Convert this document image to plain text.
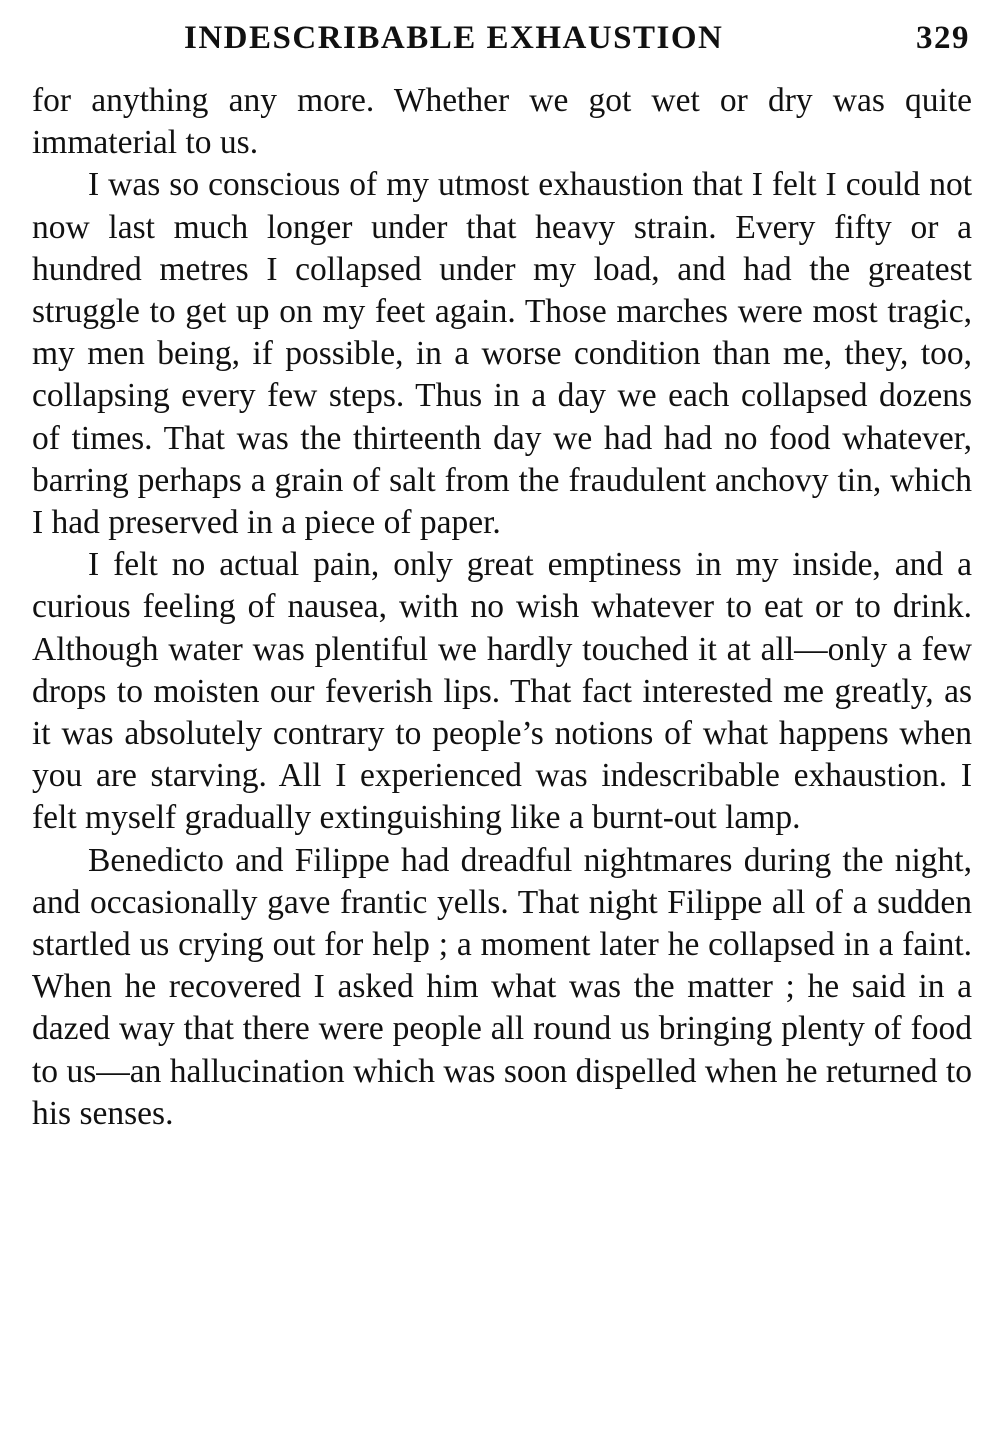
INDESCRIBABLE EXHAUSTION	329

for anything any more. Whether we got wet or dry was quite immaterial to us.

I was so conscious of my utmost exhaustion that I felt I could not now last much longer under that heavy strain. Every fifty or a hundred metres I collapsed under my load, and had the greatest struggle to get up on my feet again. Those marches were most tragic, my men being, if possible, in a worse condition than me, they, too, collapsing every few steps. Thus in a day we each collapsed dozens of times. That was the thirteenth day we had had no food whatever, barring perhaps a grain of salt from the fraudulent anchovy tin, which I had preserved in a piece of paper.

I felt no actual pain, only great emptiness in my inside, and a curious feeling of nausea, with no wish whatever to eat or to drink. Although water was plentiful we hardly touched it at all—only a few drops to moisten our feverish lips. That fact interested me greatly, as it was absolutely contrary to people’s notions of what happens when you are starving. All I experienced was indescribable exhaustion. I felt myself gradually extinguishing like a burnt-out lamp.

Benedicto and Filippe had dreadful nightmares during the night, and occasionally gave frantic yells. That night Filippe all of a sudden startled us crying out for help ; a moment later he collapsed in a faint. When he recovered I asked him what was the matter ; he said in a dazed way that there were people all round us bringing plenty of food to us—an hallucination which was soon dispelled when he returned to his senses.
